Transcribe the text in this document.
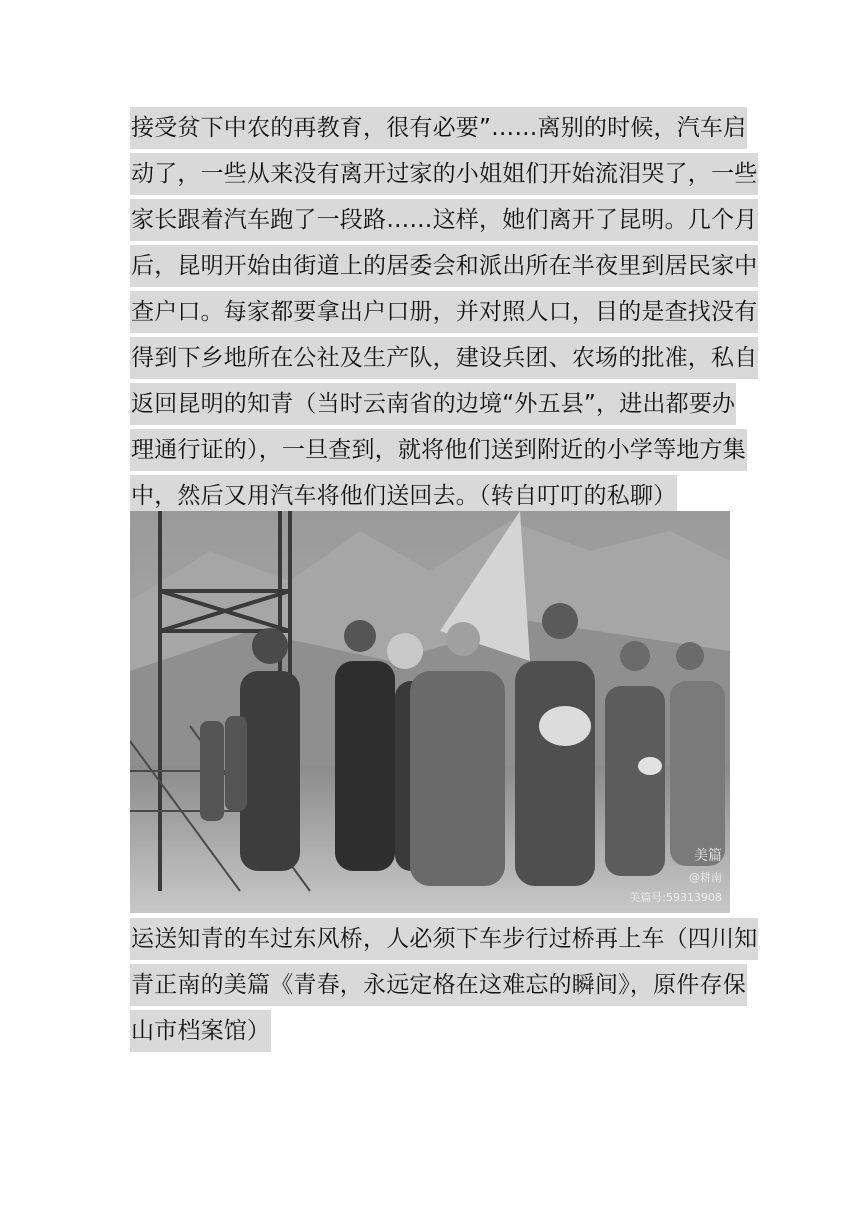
接受贫下中农的再教育，很有必要”……离别的时候，汽车启
动了，一些从来没有离开过家的小姐姐们开始流泪哭了，一些
家长跟着汽车跑了一段路……这样，她们离开了昆明。几个月
后，昆明开始由街道上的居委会和派出所在半夜里到居民家中
查户口。每家都要拿出户口册，并对照人口，目的是查找没有
得到下乡地所在公社及生产队，建设兵团、农场的批准，私自
返回昆明的知青（当时云南省的边境“外五县”，进出都要办
理通行证的），一旦查到，就将他们送到附近的小学等地方集
中，然后又用汽车将他们送回去。（转自叮叮的私聊）
美篇
@耕南
美篇号:59313908
运送知青的车过东风桥，人必须下车步行过桥再上车（四川知
青正南的美篇《青春，永远定格在这难忘的瞬间》，原件存保
山市档案馆）
